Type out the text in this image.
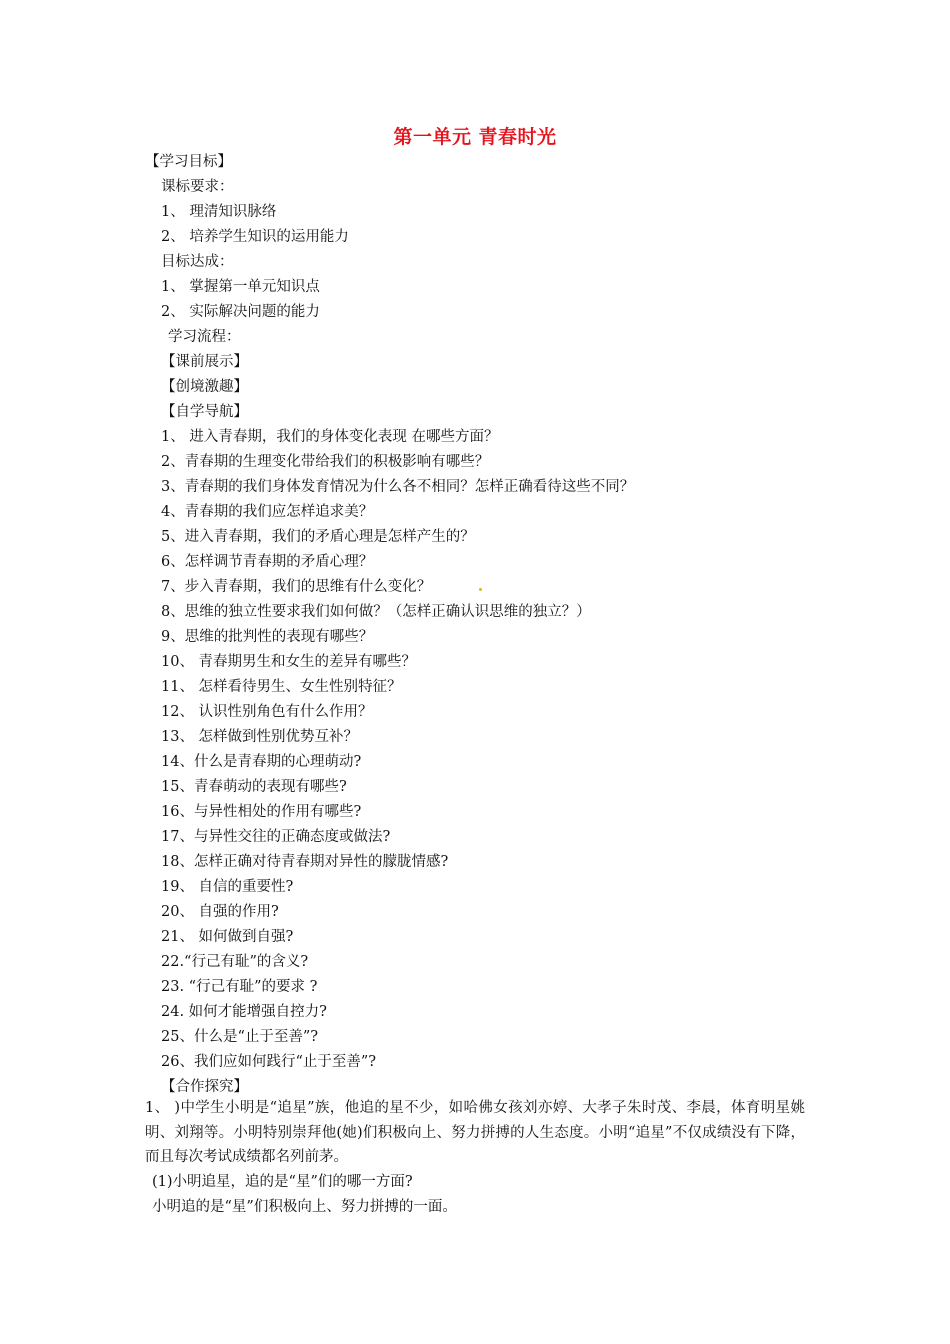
第一单元 青春时光
【学习目标】
课标要求：
1、 理清知识脉络
2、 培养学生知识的运用能力
目标达成：
1、 掌握第一单元知识点
2、 实际解决问题的能力
学习流程：
【课前展示】
【创境激趣】
【自学导航】
1、 进入青春期，我们的身体变化表现 在哪些方面？
2、青春期的生理变化带给我们的积极影响有哪些？
3、青春期的我们身体发育情况为什么各不相同？怎样正确看待这些不同？
4、青春期的我们应怎样追求美？
5、进入青春期，我们的矛盾心理是怎样产生的？
6、怎样调节青春期的矛盾心理？
7、步入青春期，我们的思维有什么变化？
8、思维的独立性要求我们如何做？（怎样正确认识思维的独立？）
9、思维的批判性的表现有哪些？
10、 青春期男生和女生的差异有哪些？
11、 怎样看待男生、女生性别特征？
12、 认识性别角色有什么作用？
13、 怎样做到性别优势互补？
14、什么是青春期的心理萌动?
15、青春萌动的表现有哪些?
16、与异性相处的作用有哪些?
17、与异性交往的正确态度或做法?
18、怎样正确对待青春期对异性的朦胧情感?
19、 自信的重要性?
20、 自强的作用?
21、 如何做到自强?
22.“行己有耻”的含义?
23. “行己有耻”的要求 ?
24. 如何才能增强自控力?
25、什么是“止于至善”?
26、我们应如何践行“止于至善”?
【合作探究】
1、 )中学生小明是“追星”族，他追的星不少，如哈佛女孩刘亦婷、大孝子朱时茂、李晨，体育明星姚明、刘翔等。小明特别崇拜他(她)们积极向上、努力拼搏的人生态度。小明“追星”不仅成绩没有下降，而且每次考试成绩都名列前茅。
(1)小明追星，追的是“星”们的哪一方面?
小明追的是“星”们积极向上、努力拼搏的一面。
